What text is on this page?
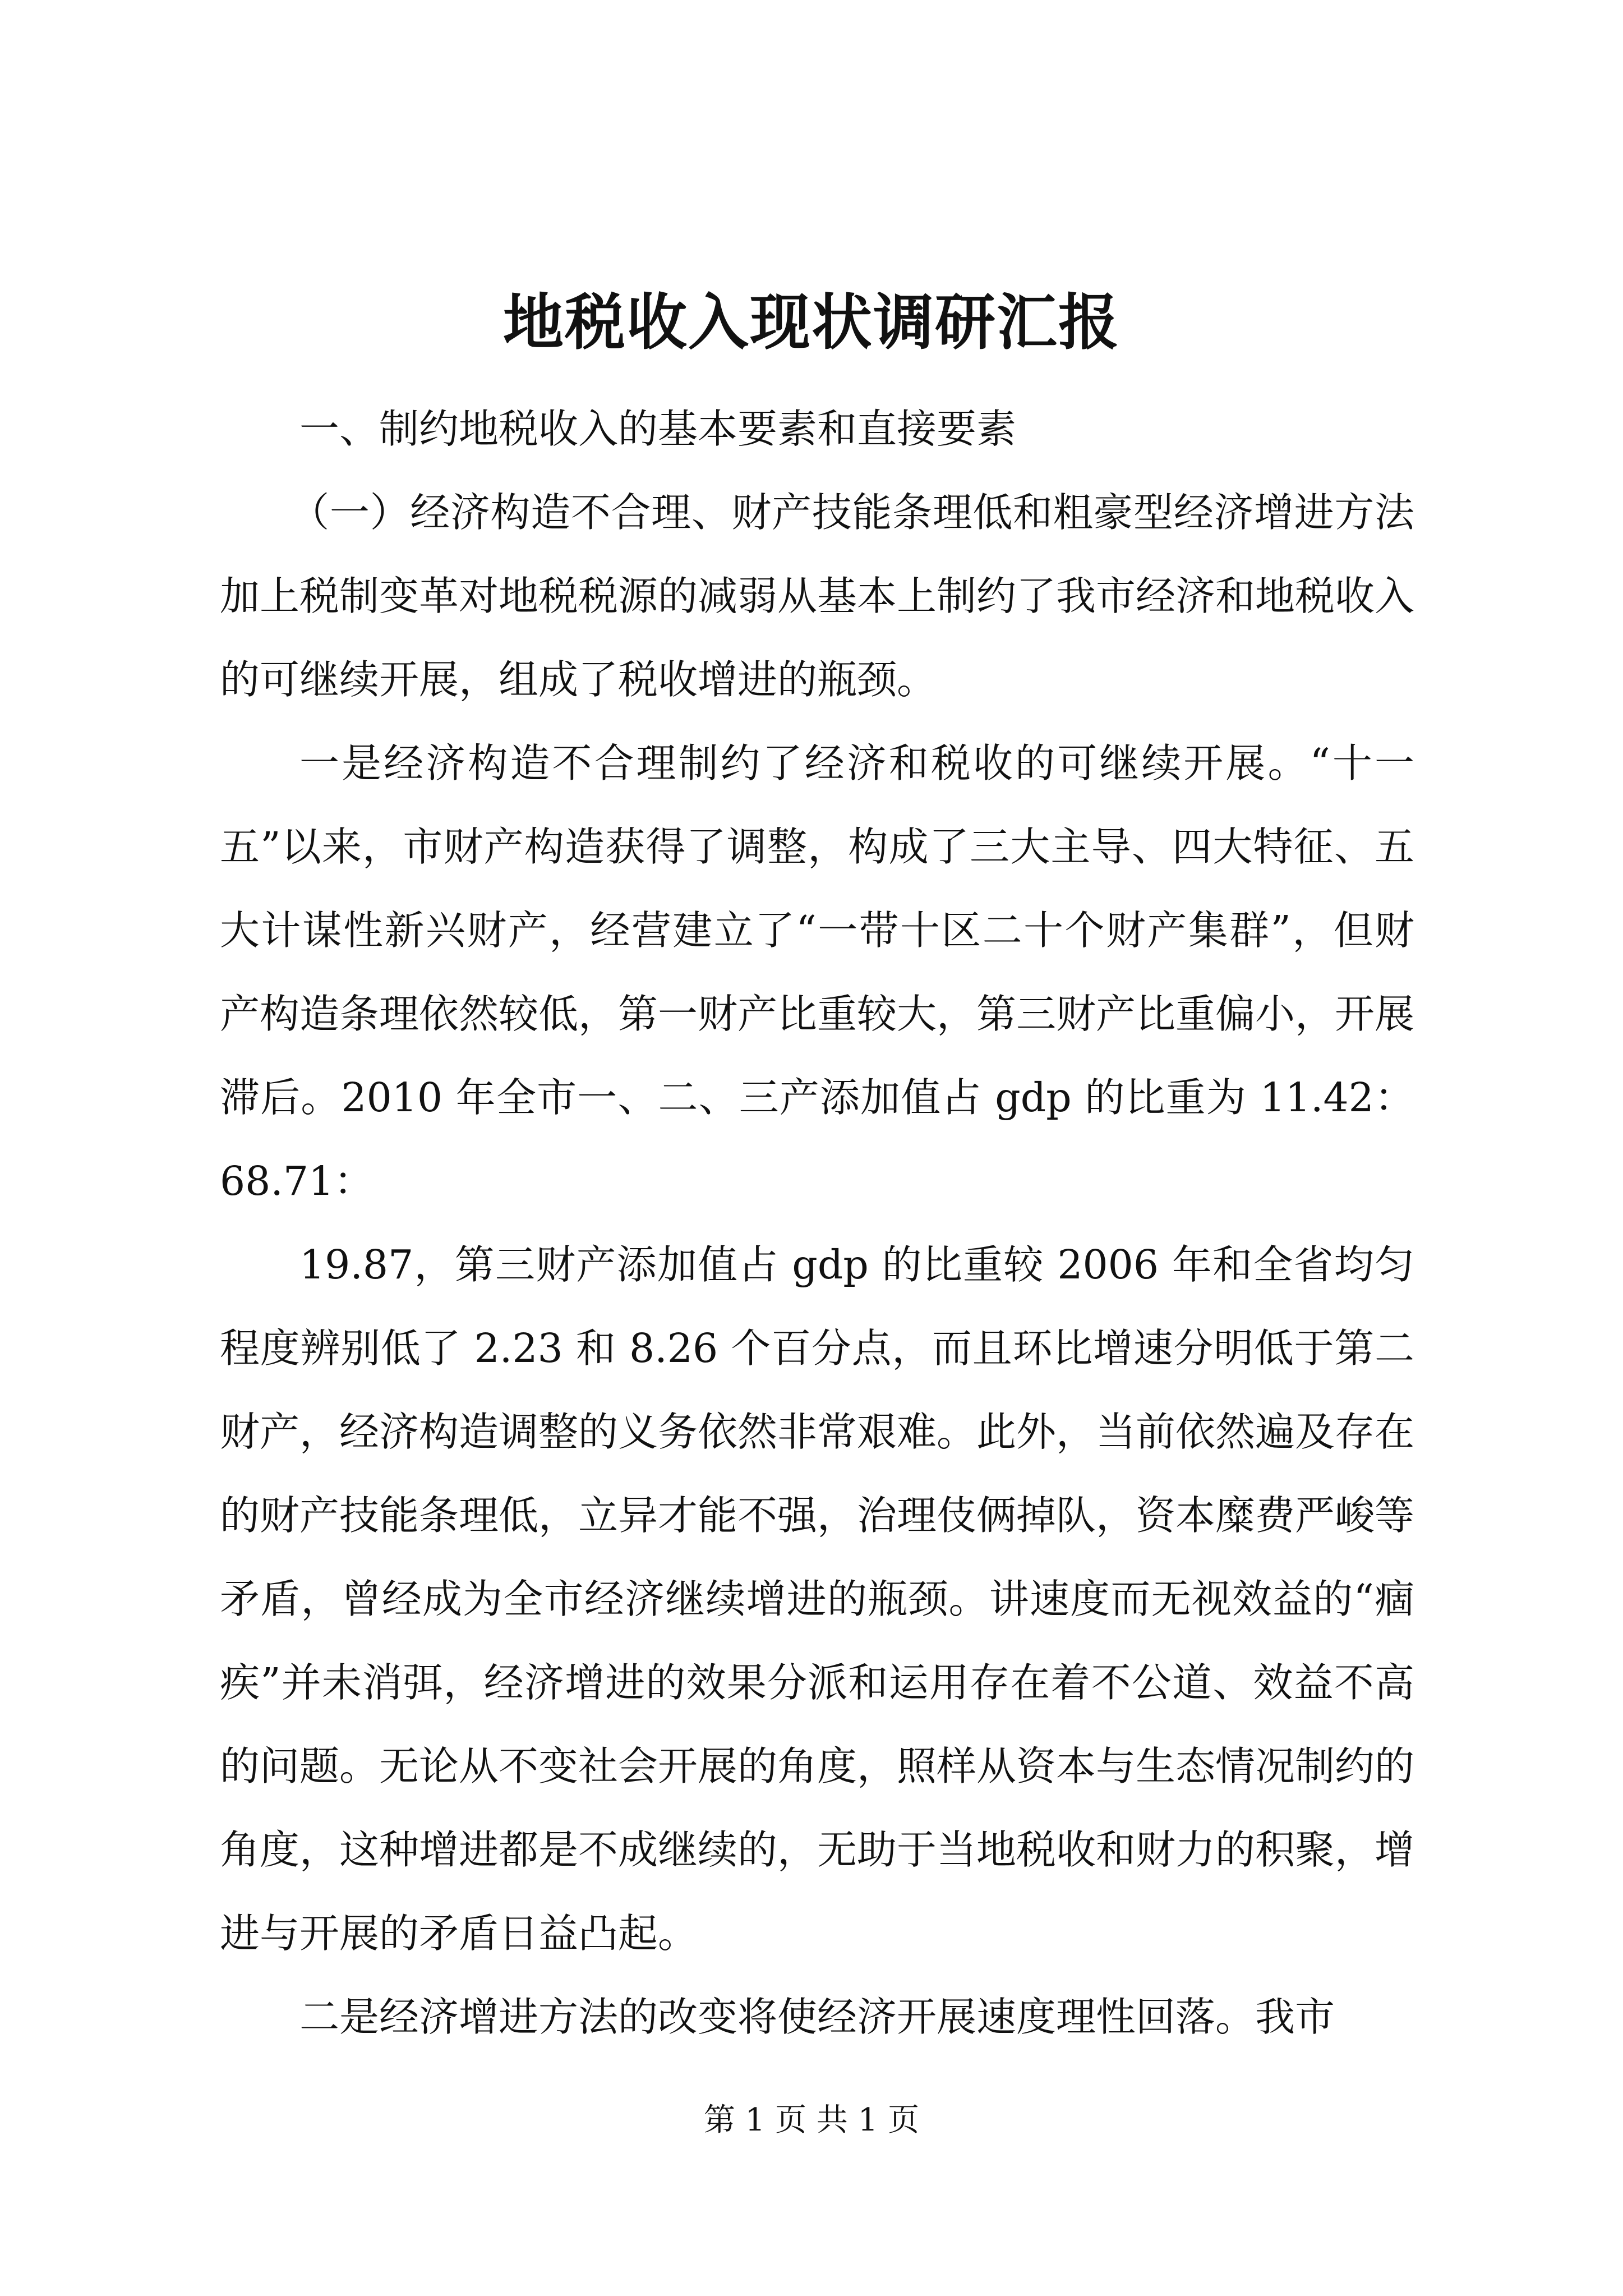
地税收入现状调研汇报

一、制约地税收入的基本要素和直接要素

（一）经济构造不合理、财产技能条理低和粗豪型经济增进方法加上税制变革对地税税源的减弱从基本上制约了我市经济和地税收入的可继续开展，组成了税收增进的瓶颈。

一是经济构造不合理制约了经济和税收的可继续开展。“十一五”以来，市财产构造获得了调整，构成了三大主导、四大特征、五大计谋性新兴财产，经营建立了“一带十区二十个财产集群”，但财产构造条理依然较低，第一财产比重较大，第三财产比重偏小，开展滞后。2010 年全市一、二、三产添加值占 gdp 的比重为 11.42：68.71：

19.87，第三财产添加值占 gdp 的比重较 2006 年和全省均匀程度辨别低了 2.23 和 8.26 个百分点，而且环比增速分明低于第二财产，经济构造调整的义务依然非常艰难。此外，当前依然遍及存在的财产技能条理低，立异才能不强，治理伎俩掉队，资本糜费严峻等矛盾，曾经成为全市经济继续增进的瓶颈。讲速度而无视效益的“痼疾”并未消弭，经济增进的效果分派和运用存在着不公道、效益不高的问题。无论从不变社会开展的角度，照样从资本与生态情况制约的角度，这种增进都是不成继续的，无助于当地税收和财力的积聚，增进与开展的矛盾日益凸起。

二是经济增进方法的改变将使经济开展速度理性回落。我市

第 1 页 共 1 页
